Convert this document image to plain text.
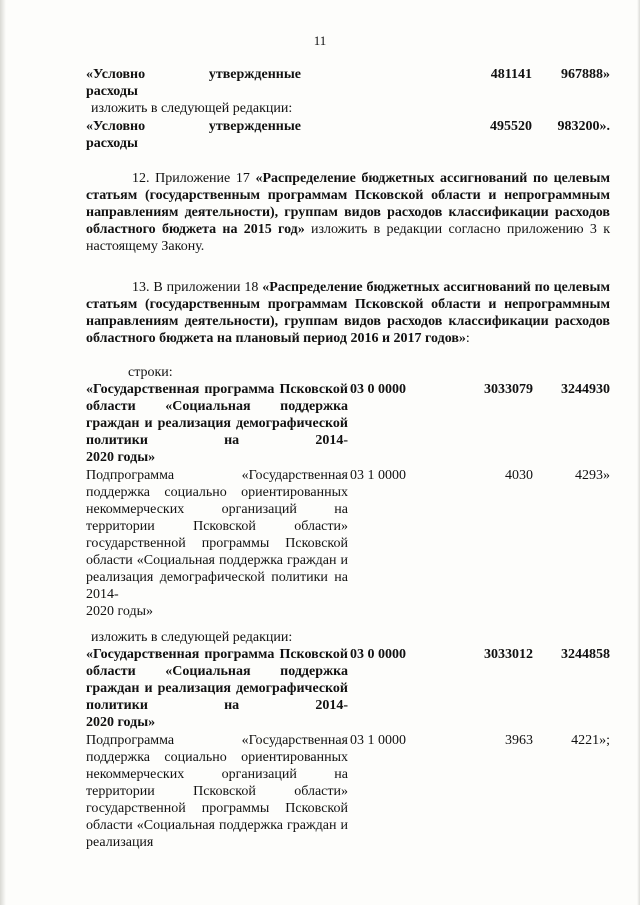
11
«Условно утвержденные
расходы
481141	967888»
изложить в следующей редакции:
«Условно утвержденные
расходы
495520	983200».
12. Приложение 17 «Распределение бюджетных ассигнований по целевым статьям (государственным программам Псковской области и непрограммным направлениям деятельности), группам видов расходов классификации расходов областного бюджета на 2015 год» изложить в редакции согласно приложению 3 к настоящему Закону.
13. В приложении 18 «Распределение бюджетных ассигнований по целевым статьям (государственным программам Псковской области и непрограммным направлениям деятельности), группам видов расходов классификации расходов областного бюджета на плановый период 2016 и 2017 годов»:
строки:
«Государственная программа Псковской области «Социальная поддержка граждан и реализация демографической политики на 2014-
2020 годы»
03 0 0000	3033079	3244930
Подпрограмма «Государственная поддержка социально ориентированных некоммерческих организаций на территории Псковской области» государственной программы Псковской области «Социальная поддержка граждан и реализация демографической политики на 2014-
2020 годы»
03 1 0000	4030	4293»
изложить в следующей редакции:
«Государственная программа Псковской области «Социальная поддержка граждан и реализация демографической политики на 2014-
2020 годы»
03 0 0000	3033012	3244858
Подпрограмма «Государственная поддержка социально ориентированных некоммерческих организаций на территории Псковской области» государственной программы Псковской области «Социальная поддержка граждан и реализация
03 1 0000	3963	4221»;
